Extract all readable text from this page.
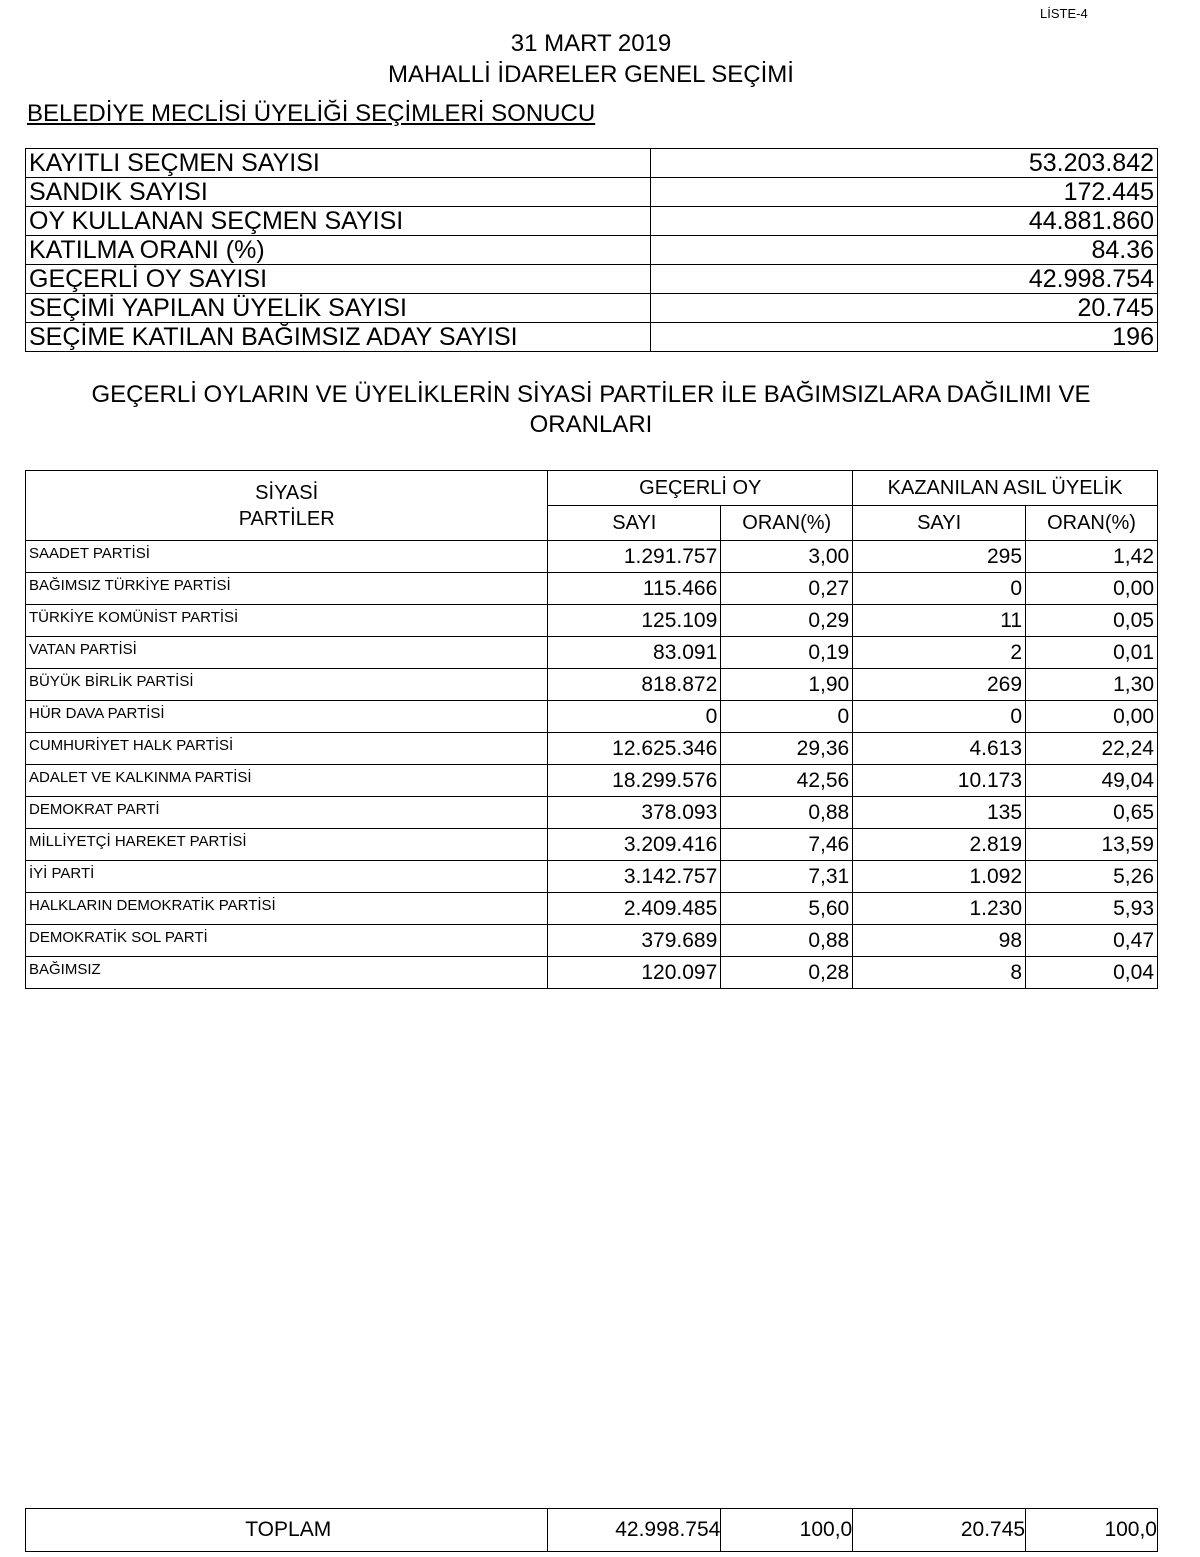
LİSTE-4
31 MART 2019
MAHALLİ İDARELER GENEL SEÇİMİ
BELEDİYE MECLİSİ ÜYELİĞİ SEÇİMLERİ SONUCU
KAYITLI SEÇMEN SAYISI	53.203.842
SANDIK SAYISI	172.445
OY KULLANAN SEÇMEN SAYISI	44.881.860
KATILMA ORANI (%)	84.36
GEÇERLİ OY SAYISI	42.998.754
SEÇİMİ YAPILAN ÜYELİK SAYISI	20.745
SEÇİME KATILAN BAĞIMSIZ ADAY SAYISI	196
GEÇERLİ OYLARIN VE ÜYELİKLERİN SİYASİ PARTİLER İLE BAĞIMSIZLARA DAĞILIMI VE ORANLARI
SİYASİ
PARTİLER	GEÇERLİ OY		KAZANILAN ASIL ÜYELİK	
	SAYI	ORAN(%)	SAYI	ORAN(%)
SAADET PARTİSİ	1.291.757	3,00	295	1,42
BAĞIMSIZ TÜRKİYE PARTİSİ	115.466	0,27	0	0,00
TÜRKİYE KOMÜNİST PARTİSİ	125.109	0,29	11	0,05
VATAN PARTİSİ	83.091	0,19	2	0,01
BÜYÜK BİRLİK PARTİSİ	818.872	1,90	269	1,30
HÜR DAVA PARTİSİ	0	0	0	0,00
CUMHURİYET HALK PARTİSİ	12.625.346	29,36	4.613	22,24
ADALET VE KALKINMA PARTİSİ	18.299.576	42,56	10.173	49,04
DEMOKRAT PARTİ	378.093	0,88	135	0,65
MİLLİYETÇİ HAREKET PARTİSİ	3.209.416	7,46	2.819	13,59
İYİ PARTİ	3.142.757	7,31	1.092	5,26
HALKLARIN DEMOKRATİK PARTİSİ	2.409.485	5,60	1.230	5,93
DEMOKRATİK SOL PARTİ	379.689	0,88	98	0,47
BAĞIMSIZ	120.097	0,28	8	0,04
TOPLAM	42.998.754	100,0	20.745	100,0
